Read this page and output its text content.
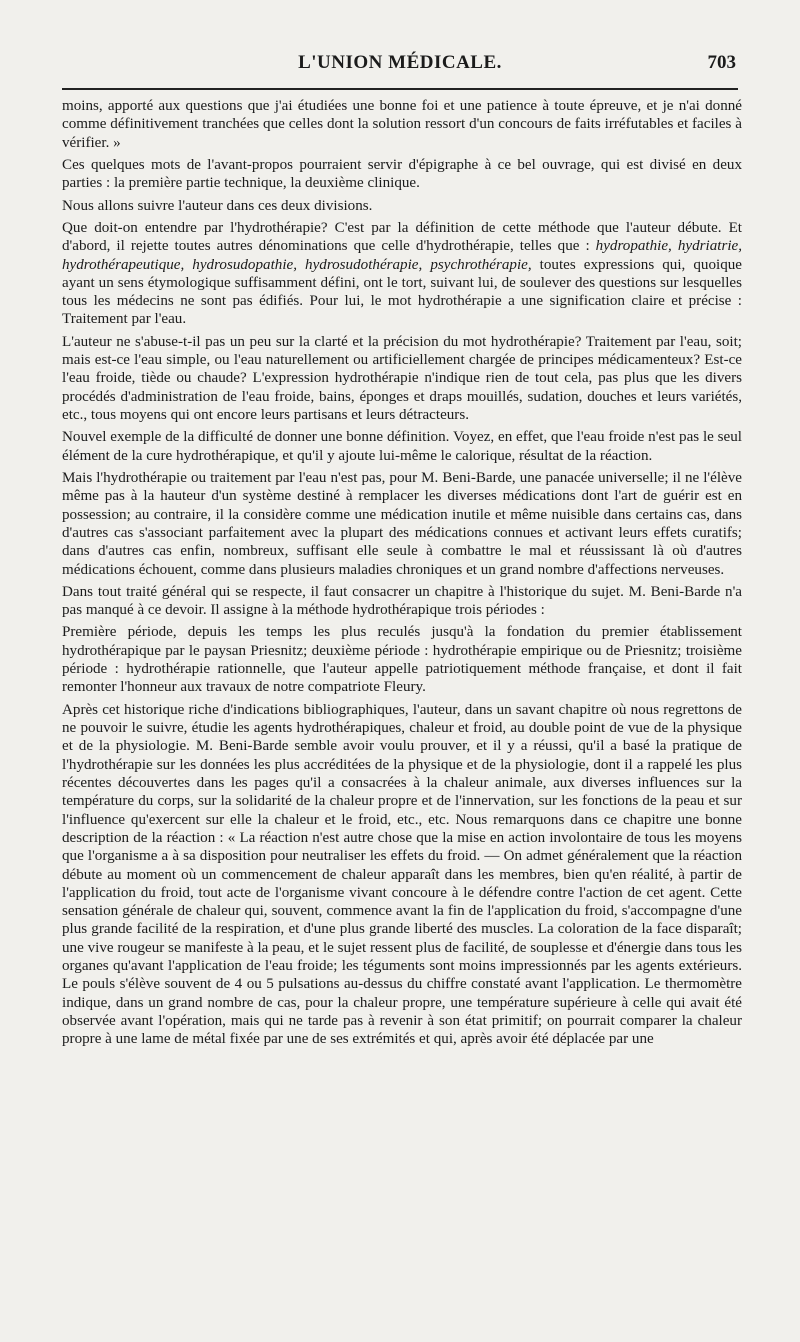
L'UNION MÉDICALE.	703

moins, apporté aux questions que j'ai étudiées une bonne foi et une patience à toute épreuve, et je n'ai donné comme définitivement tranchées que celles dont la solution ressort d'un concours de faits irréfutables et faciles à vérifier. »

Ces quelques mots de l'avant-propos pourraient servir d'épigraphe à ce bel ouvrage, qui est divisé en deux parties : la première partie technique, la deuxième clinique.

Nous allons suivre l'auteur dans ces deux divisions.

Que doit-on entendre par l'hydrothérapie? C'est par la définition de cette méthode que l'auteur débute. Et d'abord, il rejette toutes autres dénominations que celle d'hydrothérapie, telles que : hydropathie, hydriatrie, hydrothérapeutique, hydrosudopathie, hydrosudothérapie, psychrothérapie, toutes expressions qui, quoique ayant un sens étymologique suffisamment défini, ont le tort, suivant lui, de soulever des questions sur lesquelles tous les médecins ne sont pas édifiés. Pour lui, le mot hydrothérapie a une signification claire et précise : Traitement par l'eau.

L'auteur ne s'abuse-t-il pas un peu sur la clarté et la précision du mot hydrothérapie? Traitement par l'eau, soit; mais est-ce l'eau simple, ou l'eau naturellement ou artificiellement chargée de principes médicamenteux? Est-ce l'eau froide, tiède ou chaude? L'expression hydrothérapie n'indique rien de tout cela, pas plus que les divers procédés d'administration de l'eau froide, bains, éponges et draps mouillés, sudation, douches et leurs variétés, etc., tous moyens qui ont encore leurs partisans et leurs détracteurs.

Nouvel exemple de la difficulté de donner une bonne définition. Voyez, en effet, que l'eau froide n'est pas le seul élément de la cure hydrothérapique, et qu'il y ajoute lui-même le calorique, résultat de la réaction.

Mais l'hydrothérapie ou traitement par l'eau n'est pas, pour M. Beni-Barde, une panacée universelle; il ne l'élève même pas à la hauteur d'un système destiné à remplacer les diverses médications dont l'art de guérir est en possession; au contraire, il la considère comme une médication inutile et même nuisible dans certains cas, dans d'autres cas s'associant parfaitement avec la plupart des médications connues et activant leurs effets curatifs; dans d'autres cas enfin, nombreux, suffisant elle seule à combattre le mal et réussissant là où d'autres médications échouent, comme dans plusieurs maladies chroniques et un grand nombre d'affections nerveuses.

Dans tout traité général qui se respecte, il faut consacrer un chapitre à l'historique du sujet. M. Beni-Barde n'a pas manqué à ce devoir. Il assigne à la méthode hydrothérapique trois périodes :

Première période, depuis les temps les plus reculés jusqu'à la fondation du premier établissement hydrothérapique par le paysan Priesnitz; deuxième période : hydrothérapie empirique ou de Priesnitz; troisième période : hydrothérapie rationnelle, que l'auteur appelle patriotiquement méthode française, et dont il fait remonter l'honneur aux travaux de notre compatriote Fleury.

Après cet historique riche d'indications bibliographiques, l'auteur, dans un savant chapitre où nous regrettons de ne pouvoir le suivre, étudie les agents hydrothérapiques, chaleur et froid, au double point de vue de la physique et de la physiologie. M. Beni-Barde semble avoir voulu prouver, et il y a réussi, qu'il a basé la pratique de l'hydrothérapie sur les données les plus accréditées de la physique et de la physiologie, dont il a rappelé les plus récentes découvertes dans les pages qu'il a consacrées à la chaleur animale, aux diverses influences sur la température du corps, sur la solidarité de la chaleur propre et de l'innervation, sur les fonctions de la peau et sur l'influence qu'exercent sur elle la chaleur et le froid, etc., etc. Nous remarquons dans ce chapitre une bonne description de la réaction : « La réaction n'est autre chose que la mise en action involontaire de tous les moyens que l'organisme a à sa disposition pour neutraliser les effets du froid. — On admet généralement que la réaction débute au moment où un commencement de chaleur apparaît dans les membres, bien qu'en réalité, à partir de l'application du froid, tout acte de l'organisme vivant concoure à le défendre contre l'action de cet agent. Cette sensation générale de chaleur qui, souvent, commence avant la fin de l'application du froid, s'accompagne d'une plus grande facilité de la respiration, et d'une plus grande liberté des muscles. La coloration de la face disparaît; une vive rougeur se manifeste à la peau, et le sujet ressent plus de facilité, de souplesse et d'énergie dans tous les organes qu'avant l'application de l'eau froide; les téguments sont moins impressionnés par les agents extérieurs. Le pouls s'élève souvent de 4 ou 5 pulsations au-dessus du chiffre constaté avant l'application. Le thermomètre indique, dans un grand nombre de cas, pour la chaleur propre, une température supérieure à celle qui avait été observée avant l'opération, mais qui ne tarde pas à revenir à son état primitif; on pourrait comparer la chaleur propre à une lame de métal fixée par une de ses extrémités et qui, après avoir été déplacée par une
